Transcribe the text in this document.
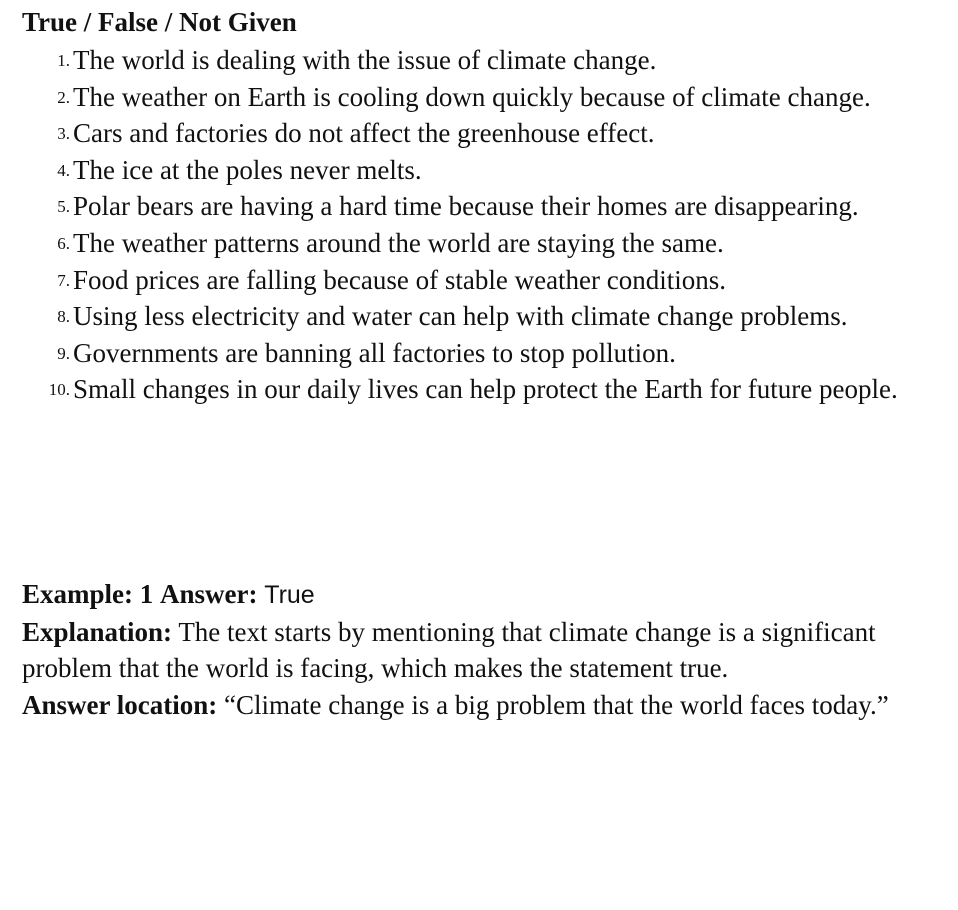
True / False / Not Given
1. The world is dealing with the issue of climate change.
2. The weather on Earth is cooling down quickly because of climate change.
3. Cars and factories do not affect the greenhouse effect.
4. The ice at the poles never melts.
5. Polar bears are having a hard time because their homes are disappearing.
6. The weather patterns around the world are staying the same.
7. Food prices are falling because of stable weather conditions.
8. Using less electricity and water can help with climate change problems.
9. Governments are banning all factories to stop pollution.
10. Small changes in our daily lives can help protect the Earth for future people.

Example: 1 Answer: True

Explanation: The text starts by mentioning that climate change is a significant problem that the world is facing, which makes the statement true.

Answer location: “Climate change is a big problem that the world faces today.”
